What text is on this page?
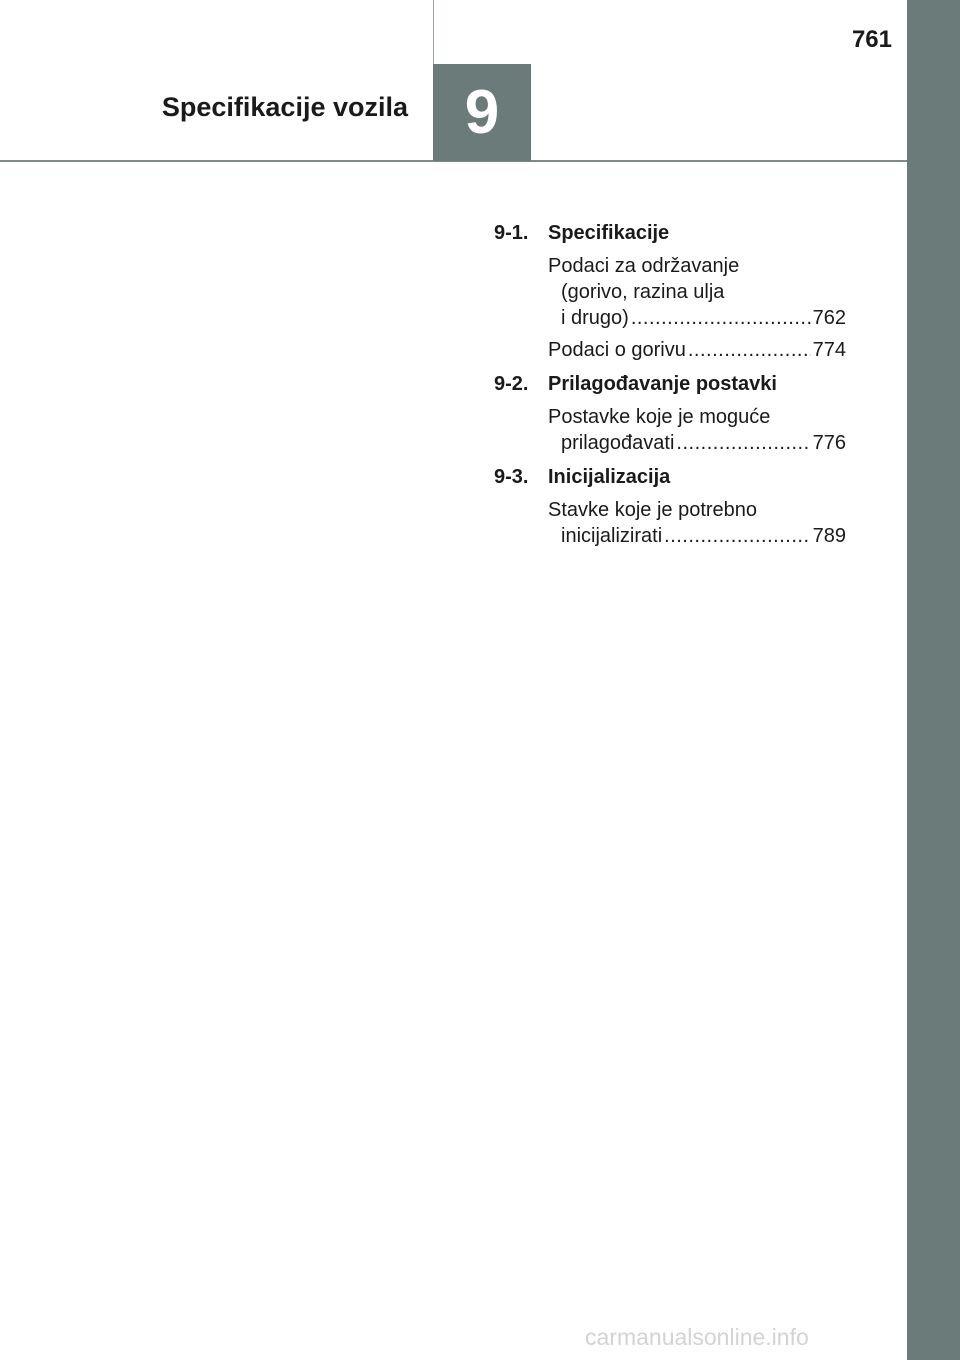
761
Specifikacije vozila 9
9-1. Specifikacije
Podaci za održavanje
(gorivo, razina ulja
i drugo) .....	762
Podaci o gorivu .....	774
9-2. Prilagođavanje postavki
Postavke koje je moguće
prilagođavati .....	776
9-3. Inicijalizacija
Stavke koje je potrebno
inicijalizirati .....	789
carmanualsonline.info
